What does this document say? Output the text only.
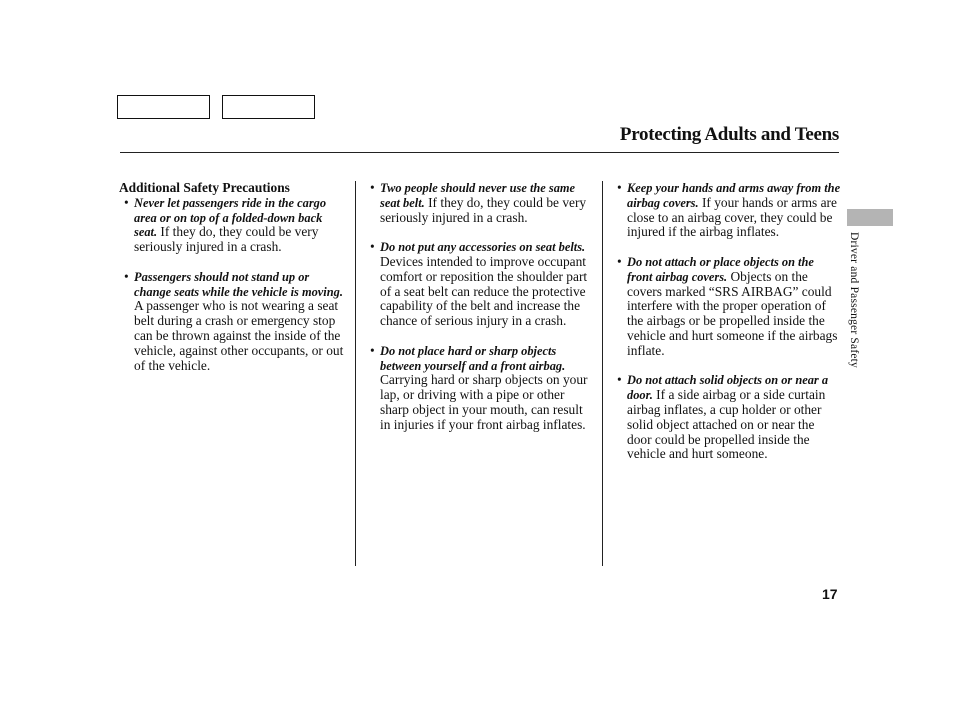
Protecting Adults and Teens

Additional Safety Precautions

• Never let passengers ride in the cargo area or on top of a folded-down back seat. If they do, they could be very seriously injured in a crash.

• Passengers should not stand up or change seats while the vehicle is moving. A passenger who is not wearing a seat belt during a crash or emergency stop can be thrown against the inside of the vehicle, against other occupants, or out of the vehicle.

• Two people should never use the same seat belt. If they do, they could be very seriously injured in a crash.

• Do not put any accessories on seat belts. Devices intended to improve occupant comfort or reposition the shoulder part of a seat belt can reduce the protective capability of the belt and increase the chance of serious injury in a crash.

• Do not place hard or sharp objects between yourself and a front airbag. Carrying hard or sharp objects on your lap, or driving with a pipe or other sharp object in your mouth, can result in injuries if your front airbag inflates.

• Keep your hands and arms away from the airbag covers. If your hands or arms are close to an airbag cover, they could be injured if the airbag inflates.

• Do not attach or place objects on the front airbag covers. Objects on the covers marked “SRS AIRBAG” could interfere with the proper operation of the airbags or be propelled inside the vehicle and hurt someone if the airbags inflate.

• Do not attach solid objects on or near a door. If a side airbag or a side curtain airbag inflates, a cup holder or other solid object attached on or near the door could be propelled inside the vehicle and hurt someone.

Driver and Passenger Safety
17
